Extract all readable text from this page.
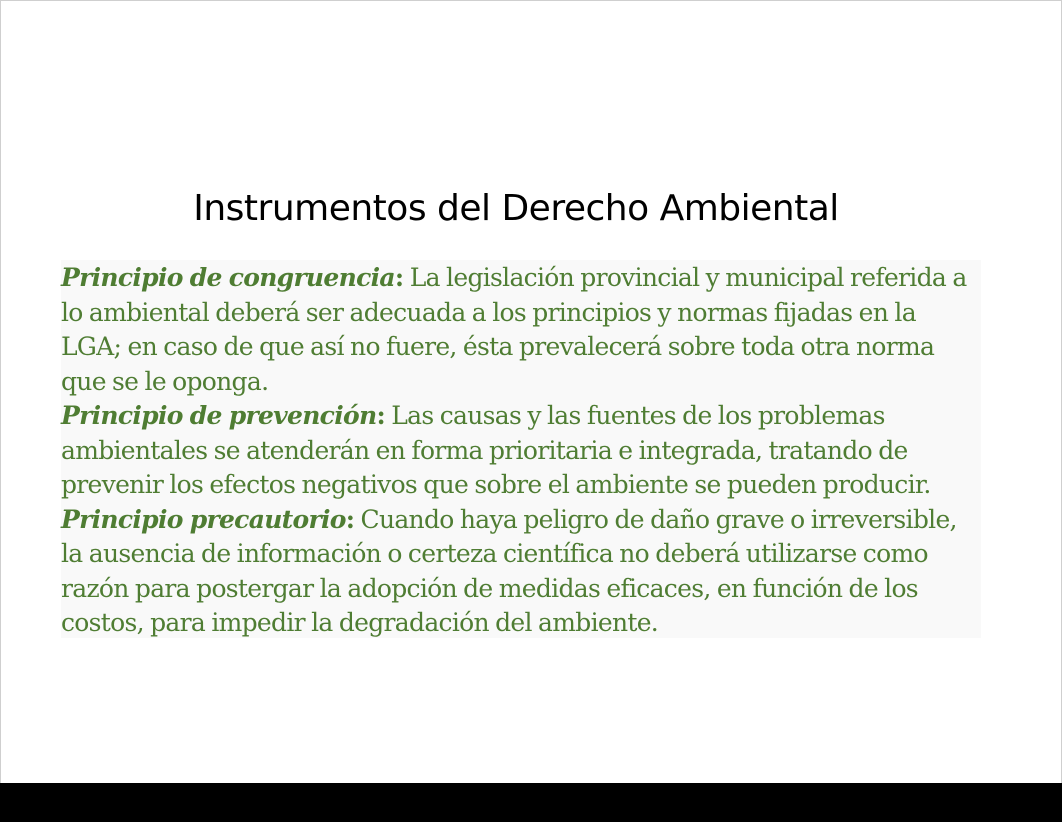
Instrumentos del Derecho Ambiental

Principio de congruencia: La legislación provincial y municipal referida a lo ambiental deberá ser adecuada a los principios y normas fijadas en la LGA; en caso de que así no fuere, ésta prevalecerá sobre toda otra norma que se le oponga.

Principio de prevención: Las causas y las fuentes de los problemas ambientales se atenderán en forma prioritaria e integrada, tratando de prevenir los efectos negativos que sobre el ambiente se pueden producir.

Principio precautorio: Cuando haya peligro de daño grave o irreversible, la ausencia de información o certeza científica no deberá utilizarse como razón para postergar la adopción de medidas eficaces, en función de los costos, para impedir la degradación del ambiente.
